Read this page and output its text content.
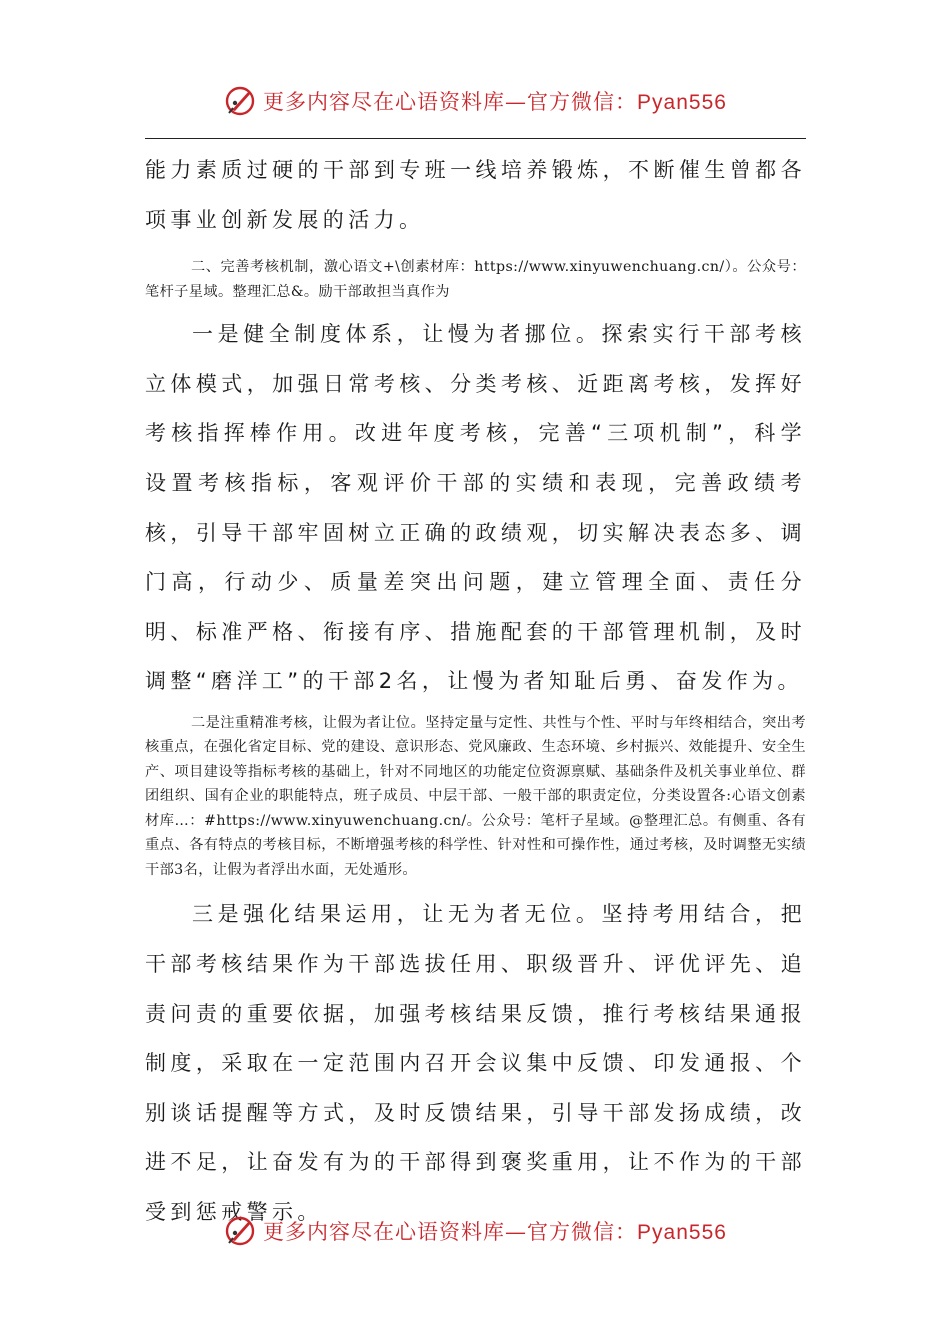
更多内容尽在心语资料库—官方微信：Pyan556

能力素质过硬的干部到专班一线培养锻炼，不断催生曾都各项事业创新发展的活力。

二、完善考核机制，激心语文+\创素材库：https://www.xinyuwenchuang.cn/）。公众号：笔杆子星域。整理汇总&。励干部敢担当真作为

一是健全制度体系，让慢为者挪位。探索实行干部考核立体模式，加强日常考核、分类考核、近距离考核，发挥好考核指挥棒作用。改进年度考核，完善“三项机制”，科学设置考核指标，客观评价干部的实绩和表现，完善政绩考核，引导干部牢固树立正确的政绩观，切实解决表态多、调门高，行动少、质量差突出问题，建立管理全面、责任分明、标准严格、衔接有序、措施配套的干部管理机制，及时调整“磨洋工”的干部2名，让慢为者知耻后勇、奋发作为。

二是注重精准考核，让假为者让位。坚持定量与定性、共性与个性、平时与年终相结合，突出考核重点，在强化省定目标、党的建设、意识形态、党风廉政、生态环境、乡村振兴、效能提升、安全生产、项目建设等指标考核的基础上，针对不同地区的功能定位资源禀赋、基础条件及机关事业单位、群团组织、国有企业的职能特点，班子成员、中层干部、一般干部的职责定位，分类设置各:心语文创素材库…：#https://www.xinyuwenchuang.cn/。公众号：笔杆子星域。@整理汇总。有侧重、各有重点、各有特点的考核目标，不断增强考核的科学性、针对性和可操作性，通过考核，及时调整无实绩干部3名，让假为者浮出水面，无处遁形。

三是强化结果运用，让无为者无位。坚持考用结合，把干部考核结果作为干部选拔任用、职级晋升、评优评先、追责问责的重要依据，加强考核结果反馈，推行考核结果通报制度，采取在一定范围内召开会议集中反馈、印发通报、个别谈话提醒等方式，及时反馈结果，引导干部发扬成绩，改进不足，让奋发有为的干部得到褒奖重用，让不作为的干部受到惩戒警示。

更多内容尽在心语资料库—官方微信：Pyan556
